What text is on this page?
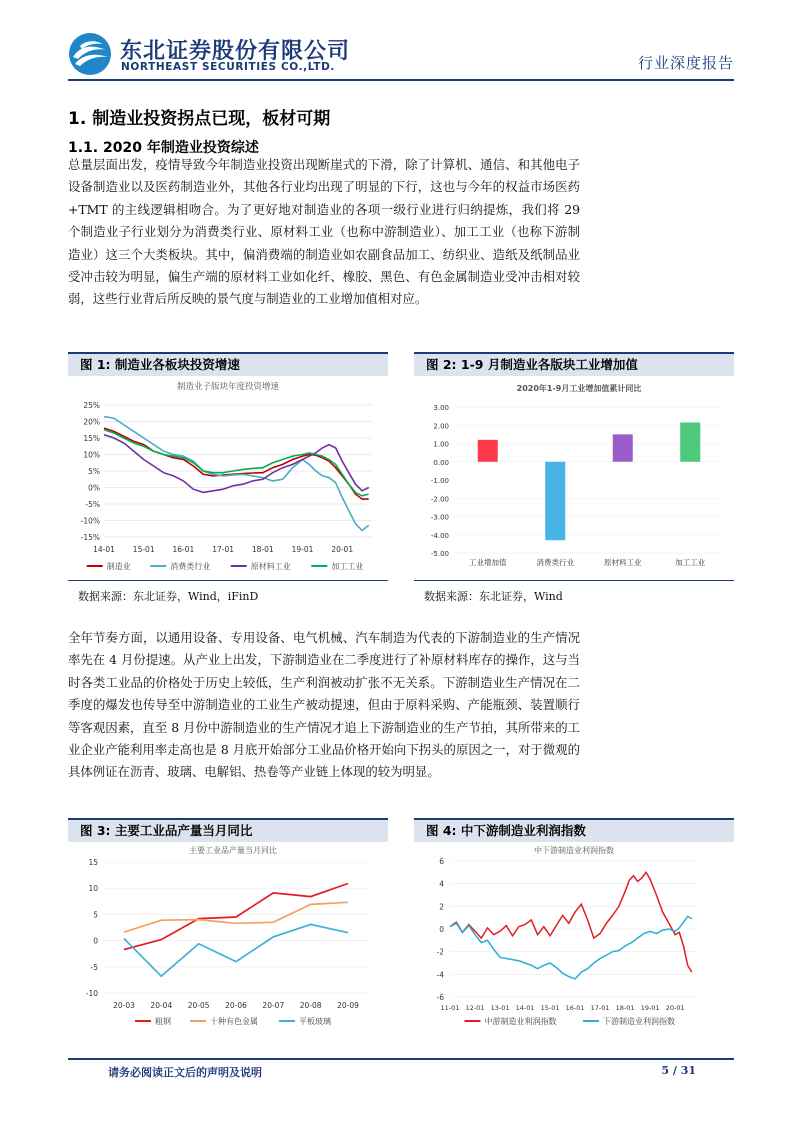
东北证券股份有限公司
NORTHEAST SECURITIES CO.,LTD.	行业深度报告
1. 制造业投资拐点已现，板材可期
1.1. 2020 年制造业投资综述
总量层面出发，疫情导致今年制造业投资出现断崖式的下滑，除了计算机、通信、和其他电子设备制造业以及医药制造业外，其他各行业均出现了明显的下行，这也与今年的权益市场医药+TMT 的主线逻辑相吻合。为了更好地对制造业的各项一级行业进行归纳提炼，我们将 29 个制造业子行业划分为消费类行业、原材料工业（也称中游制造业）、加工工业（也称下游制造业）这三个大类板块。其中，偏消费端的制造业如农副食品加工、纺织业、造纸及纸制品业受冲击较为明显，偏生产端的原材料工业如化纤、橡胶、黑色、有色金属制造业受冲击相对较弱，这些行业背后所反映的景气度与制造业的工业增加值相对应。
图 1: 制造业各板块投资增速
制造业子版块年度投资增速
25%
20%
15%
10%
5%
0%
-5%
-10%
-15%
14-01 15-01 16-01 17-01 18-01 19-01 20-01
制造业	消费类行业	原材料工业	加工工业
数据来源：东北证券，Wind，iFinD
图 2: 1-9 月制造业各版块工业增加值
2020年1-9月工业增加值累计同比
3.00
2.00
1.00
0.00
-1.00
-2.00
-3.00
-4.00
-5.00
工业增加值	消费类行业	原材料工业	加工工业
数据来源：东北证券，Wind
全年节奏方面，以通用设备、专用设备、电气机械、汽车制造为代表的下游制造业的生产情况率先在 4 月份提速。从产业上出发，下游制造业在二季度进行了补原材料库存的操作，这与当时各类工业品的价格处于历史上较低，生产利润被动扩张不无关系。下游制造业生产情况在二季度的爆发也传导至中游制造业的工业生产被动提速，但由于原料采购、产能瓶颈、装置顺行等客观因素，直至 8 月份中游制造业的生产情况才追上下游制造业的生产节拍，其所带来的工业企业产能利用率走高也是 8 月底开始部分工业品价格开始向下拐头的原因之一，对于微观的具体例证在沥青、玻璃、电解铝、热卷等产业链上体现的较为明显。
图 3: 主要工业品产量当月同比
主要工业品产量当月同比
15
10
5
0
-5
-10
20-03 20-04 20-05 20-06 20-07 20-08 20-09
粗钢	十种有色金属	平板玻璃
图 4: 中下游制造业利润指数
中下游制造业利润指数
6
4
2
0
-2
-4
-6
11-01 12-01 13-01 14-01 15-01 16-01 17-01 18-01 19-01 20-01
中游制造业利润指数	下游制造业利润指数
请务必阅读正文后的声明及说明	5 / 31
